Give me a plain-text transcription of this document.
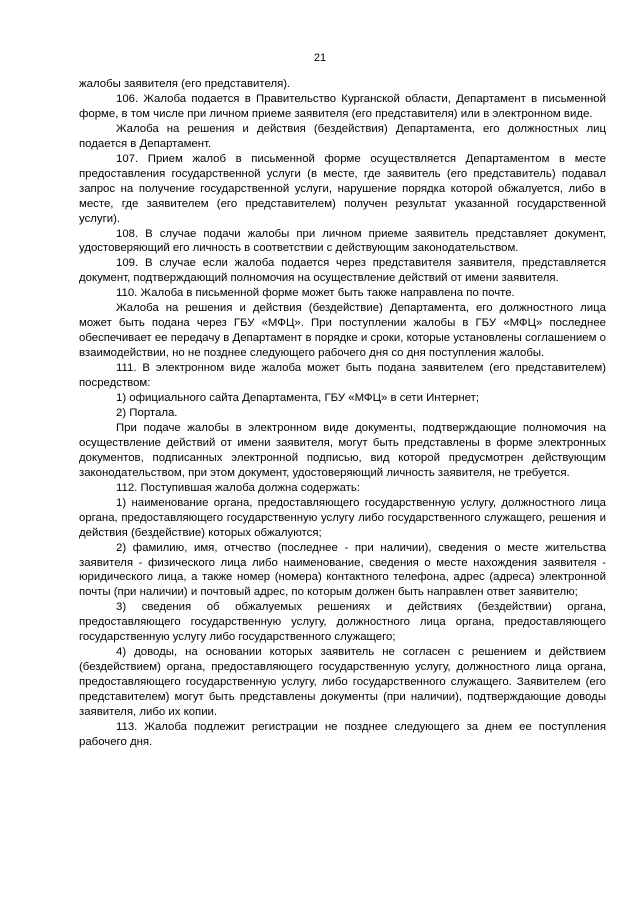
21

жалобы заявителя (его представителя).

106. Жалоба подается в Правительство Курганской области, Департамент в письменной форме, в том числе при личном приеме заявителя (его представителя) или в электронном виде.

Жалоба на решения и действия (бездействия) Департамента, его должностных лиц подается в Департамент.

107. Прием жалоб в письменной форме осуществляется Департаментом в месте предоставления государственной услуги (в месте, где заявитель (его представитель) подавал запрос на получение государственной услуги, нарушение порядка которой обжалуется, либо в месте, где заявителем (его представителем) получен результат указанной государственной услуги).

108. В случае подачи жалобы при личном приеме заявитель представляет документ, удостоверяющий его личность в соответствии с действующим законодательством.

109. В случае если жалоба подается через представителя заявителя, представляется документ, подтверждающий полномочия на осуществление действий от имени заявителя.

110. Жалоба в письменной форме может быть также направлена по почте.

Жалоба на решения и действия (бездействие) Департамента, его должностного лица может быть подана через ГБУ «МФЦ». При поступлении жалобы в ГБУ «МФЦ» последнее обеспечивает ее передачу в Департамент в порядке и сроки, которые установлены соглашением о взаимодействии, но не позднее следующего рабочего дня со дня поступления жалобы.

111. В электронном виде жалоба может быть подана заявителем (его представителем) посредством:

1) официального сайта Департамента, ГБУ «МФЦ» в сети Интернет;

2) Портала.

При подаче жалобы в электронном виде документы, подтверждающие полномочия на осуществление действий от имени заявителя, могут быть представлены в форме электронных документов, подписанных электронной подписью, вид которой предусмотрен действующим законодательством, при этом документ, удостоверяющий личность заявителя, не требуется.

112. Поступившая жалоба должна содержать:

1) наименование органа, предоставляющего государственную услугу, должностного лица органа, предоставляющего государственную услугу либо государственного служащего, решения и действия (бездействие) которых обжалуются;

2) фамилию, имя, отчество (последнее - при наличии), сведения о месте жительства заявителя - физического лица либо наименование, сведения о месте нахождения заявителя - юридического лица, а также номер (номера) контактного телефона, адрес (адреса) электронной почты (при наличии) и почтовый адрес, по которым должен быть направлен ответ заявителю;

3) сведения об обжалуемых решениях и действиях (бездействии) органа, предоставляющего государственную услугу, должностного лица органа, предоставляющего государственную услугу либо государственного служащего;

4) доводы, на основании которых заявитель не согласен с решением и действием (бездействием) органа, предоставляющего государственную услугу, должностного лица органа, предоставляющего государственную услугу, либо государственного служащего. Заявителем (его представителем) могут быть представлены документы (при наличии), подтверждающие доводы заявителя, либо их копии.

113. Жалоба подлежит регистрации не позднее следующего за днем ее поступления рабочего дня.
